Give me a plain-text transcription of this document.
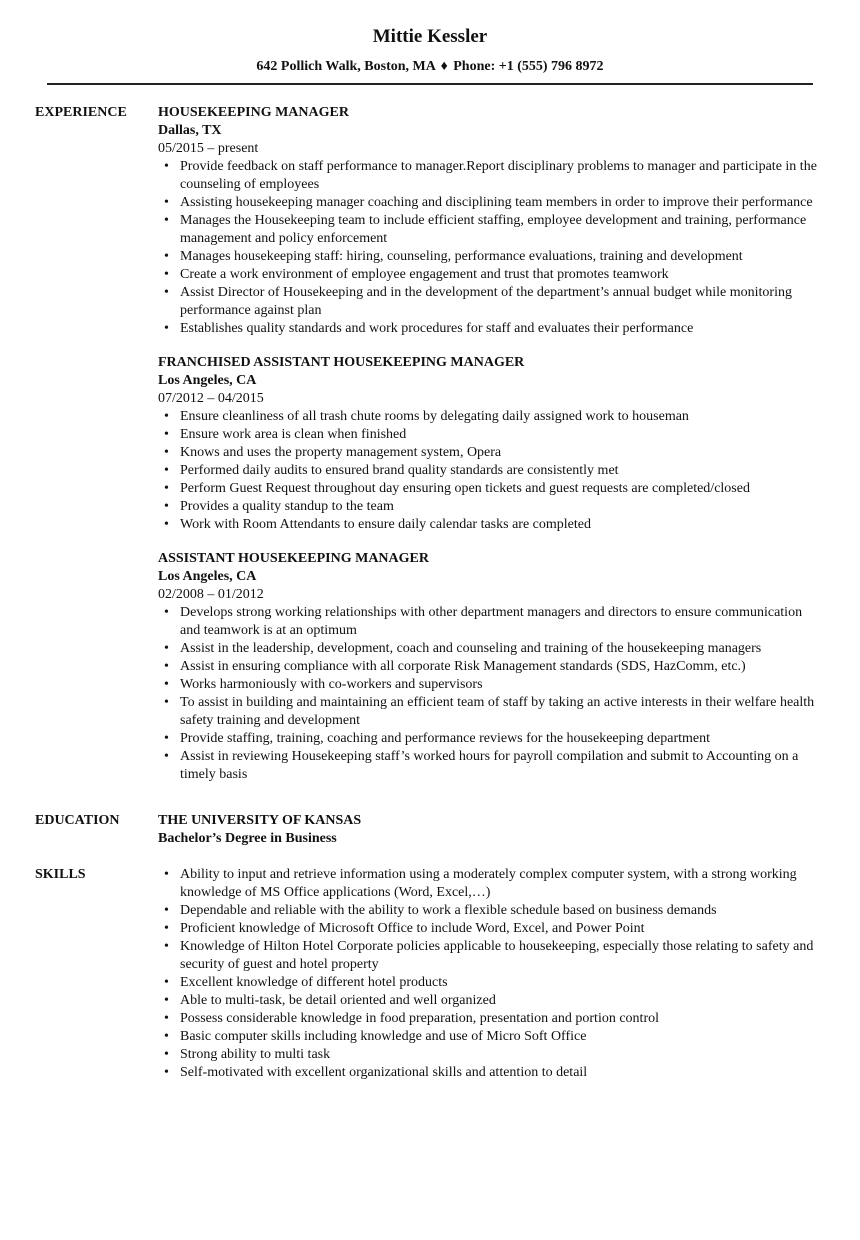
Mittie Kessler
642 Pollich Walk, Boston, MA ♦ Phone: +1 (555) 796 8972
EXPERIENCE	HOUSEKEEPING MANAGER
Dallas, TX
05/2015 – present
• Provide feedback on staff performance to manager.Report disciplinary problems to manager and participate in the counseling of employees
• Assisting housekeeping manager coaching and disciplining team members in order to improve their performance
• Manages the Housekeeping team to include efficient staffing, employee development and training, performance management and policy enforcement
• Manages housekeeping staff: hiring, counseling, performance evaluations, training and development
• Create a work environment of employee engagement and trust that promotes teamwork
• Assist Director of Housekeeping and in the development of the department’s annual budget while monitoring performance against plan
• Establishes quality standards and work procedures for staff and evaluates their performance
FRANCHISED ASSISTANT HOUSEKEEPING MANAGER
Los Angeles, CA
07/2012 – 04/2015
• Ensure cleanliness of all trash chute rooms by delegating daily assigned work to houseman
• Ensure work area is clean when finished
• Knows and uses the property management system, Opera
• Performed daily audits to ensured brand quality standards are consistently met
• Perform Guest Request throughout day ensuring open tickets and guest requests are completed/closed
• Provides a quality standup to the team
• Work with Room Attendants to ensure daily calendar tasks are completed
ASSISTANT HOUSEKEEPING MANAGER
Los Angeles, CA
02/2008 – 01/2012
• Develops strong working relationships with other department managers and directors to ensure communication and teamwork is at an optimum
• Assist in the leadership, development, coach and counseling and training of the housekeeping managers
• Assist in ensuring compliance with all corporate Risk Management standards (SDS, HazComm, etc.)
• Works harmoniously with co-workers and supervisors
• To assist in building and maintaining an efficient team of staff by taking an active interests in their welfare health safety training and development
• Provide staffing, training, coaching and performance reviews for the housekeeping department
• Assist in reviewing Housekeeping staff’s worked hours for payroll compilation and submit to Accounting on a timely basis
EDUCATION	THE UNIVERSITY OF KANSAS
Bachelor’s Degree in Business
SKILLS	• Ability to input and retrieve information using a moderately complex computer system, with a strong working knowledge of MS Office applications (Word, Excel,…)
• Dependable and reliable with the ability to work a flexible schedule based on business demands
• Proficient knowledge of Microsoft Office to include Word, Excel, and Power Point
• Knowledge of Hilton Hotel Corporate policies applicable to housekeeping, especially those relating to safety and security of guest and hotel property
• Excellent knowledge of different hotel products
• Able to multi-task, be detail oriented and well organized
• Possess considerable knowledge in food preparation, presentation and portion control
• Basic computer skills including knowledge and use of Micro Soft Office
• Strong ability to multi task
• Self-motivated with excellent organizational skills and attention to detail
